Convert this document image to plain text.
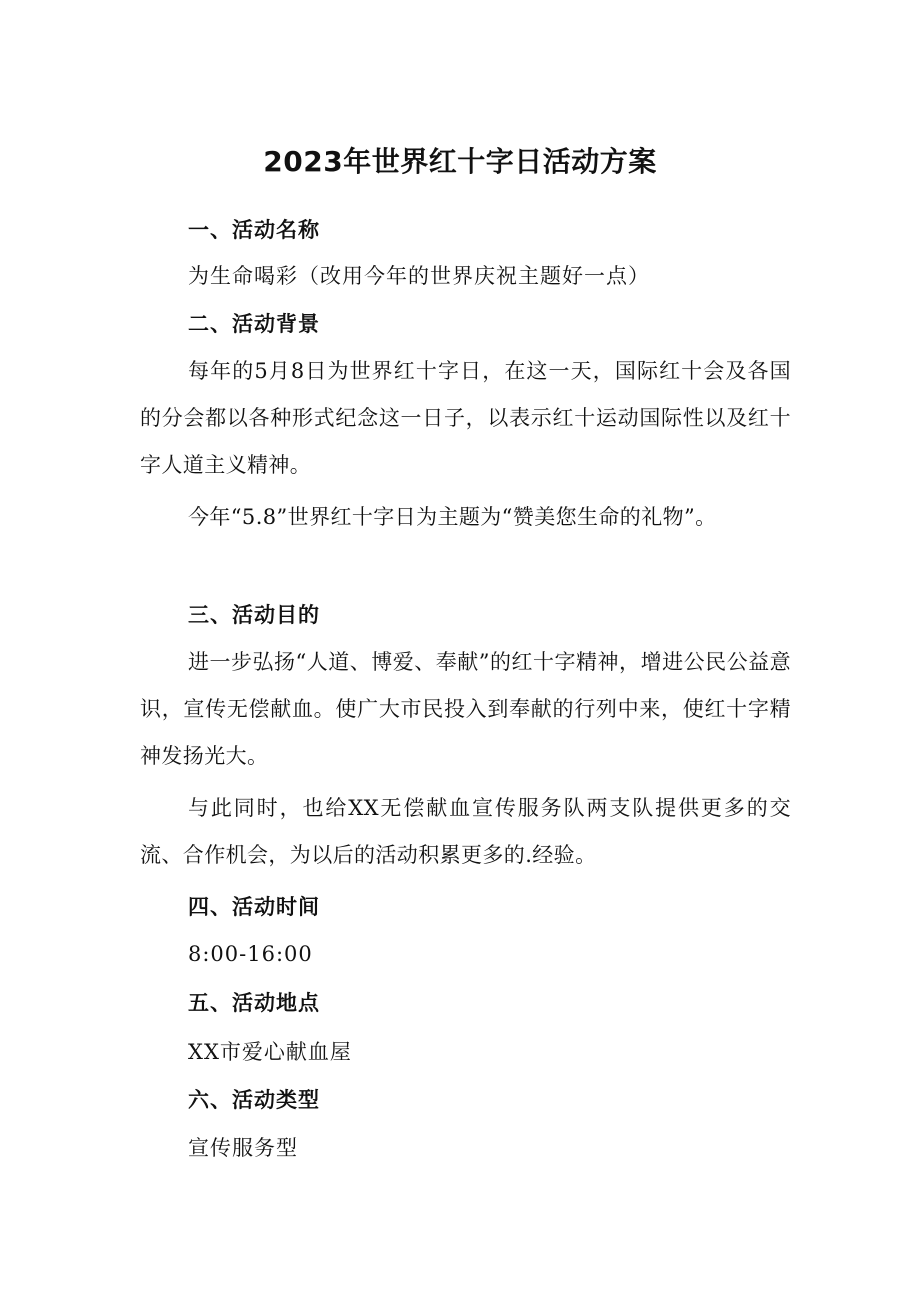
2023年世界红十字日活动方案
一、活动名称
为生命喝彩（改用今年的世界庆祝主题好一点）
二、活动背景
每年的5月8日为世界红十字日，在这一天，国际红十会及各国的分会都以各种形式纪念这一日子，以表示红十运动国际性以及红十字人道主义精神。
今年“5.8”世界红十字日为主题为“赞美您生命的礼物”。
三、活动目的
进一步弘扬“人道、博爱、奉献”的红十字精神，增进公民公益意识，宣传无偿献血。使广大市民投入到奉献的行列中来，使红十字精神发扬光大。
与此同时，也给XX无偿献血宣传服务队两支队提供更多的交流、合作机会，为以后的活动积累更多的.经验。
四、活动时间
8:00-16:00
五、活动地点
XX市爱心献血屋
六、活动类型
宣传服务型
